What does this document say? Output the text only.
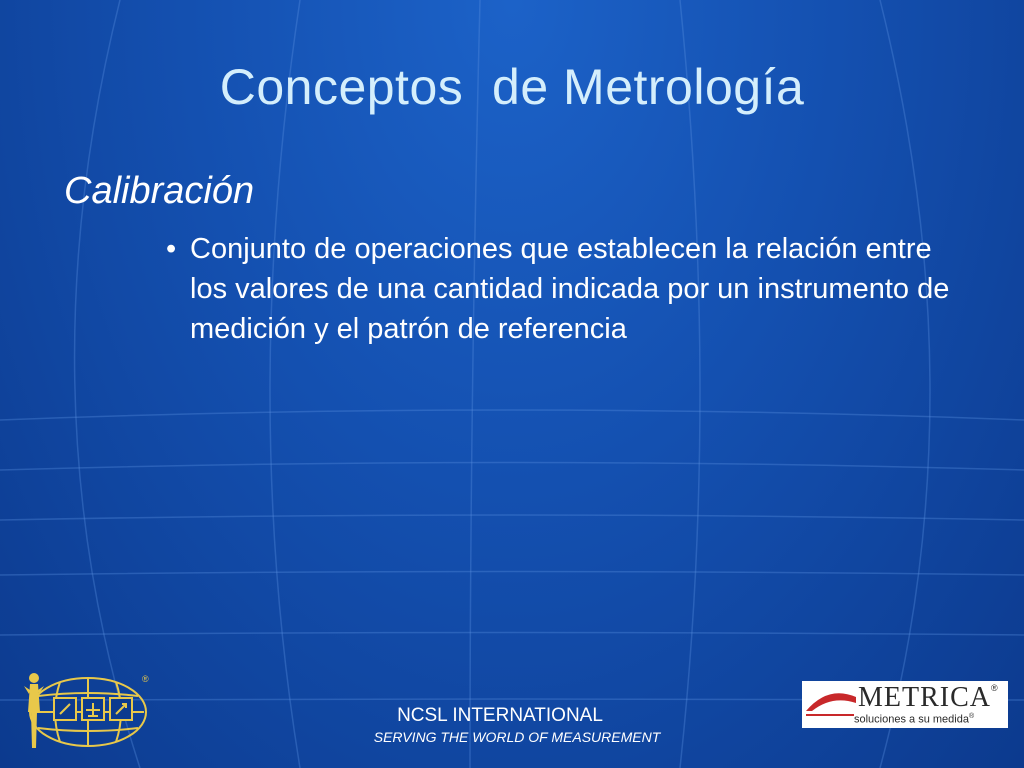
Conceptos  de Metrología
Calibración
• Conjunto de operaciones que establecen la relación entre los valores de una cantidad indicada por un instrumento de medición y el patrón de referencia
®
NCSL INTERNATIONAL
SERVING THE WORLD OF MEASUREMENT
METRICA ®
soluciones a su medida®
